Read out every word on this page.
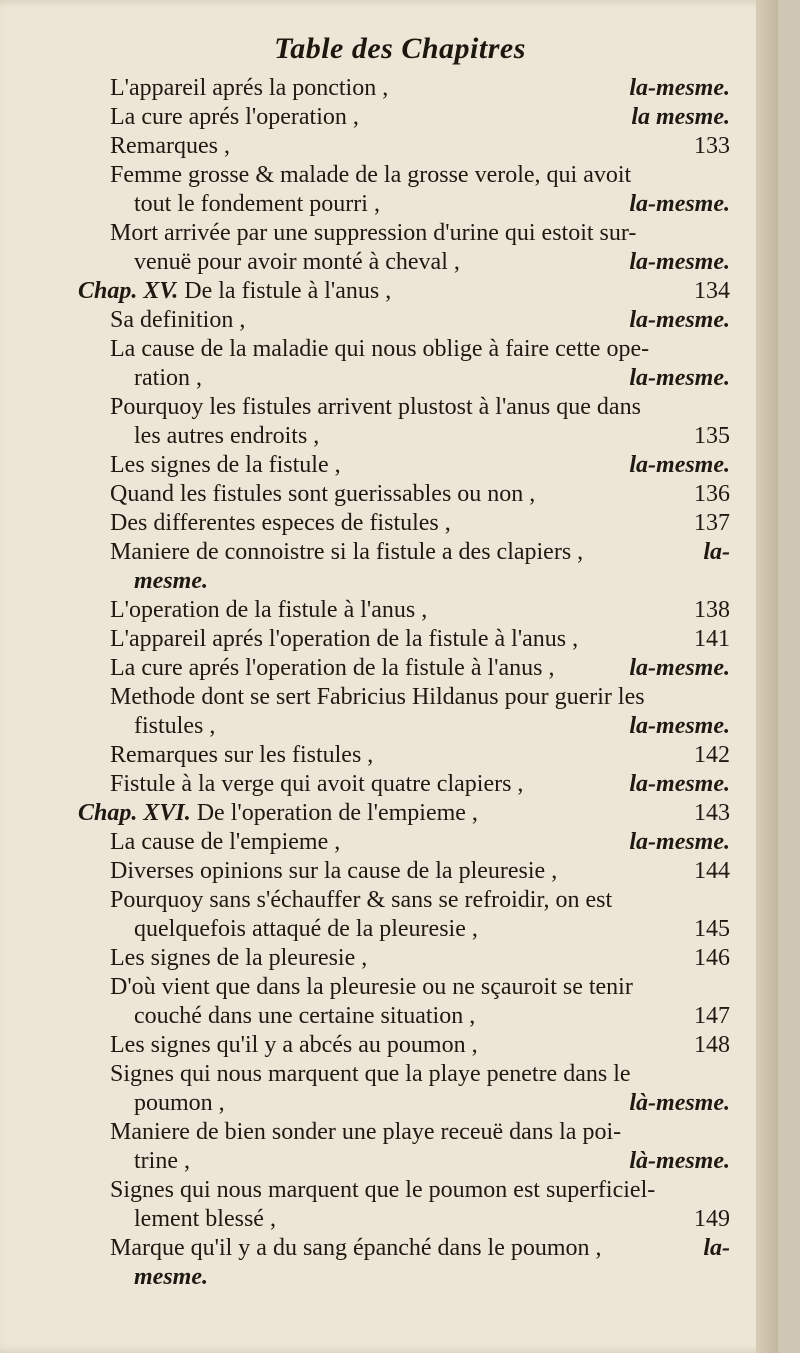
Table des Chapitres
L'appareil aprés la ponction ,	la-mesme.
La cure aprés l'operation ,	la mesme.
Remarques ,	133
Femme grosse & malade de la grosse verole, qui avoit
tout le fondement pourri ,	la-mesme.
Mort arrivée par une suppression d'urine qui estoit sur-
venuë pour avoir monté à cheval ,	la-mesme.
Chap. XV. De la fistule à l'anus ,	134
Sa definition ,	la-mesme.
La cause de la maladie qui nous oblige à faire cette ope-
ration ,	la-mesme.
Pourquoy les fistules arrivent plustost à l'anus que dans
les autres endroits ,	135
Les signes de la fistule ,	la-mesme.
Quand les fistules sont guerissables ou non ,	136
Des differentes especes de fistules ,	137
Maniere de connoistre si la fistule a des clapiers ,	la-
mesme.
L'operation de la fistule à l'anus ,	138
L'appareil aprés l'operation de la fistule à l'anus ,	141
La cure aprés l'operation de la fistule à l'anus ,	la-mesme.
Methode dont se sert Fabricius Hildanus pour guerir les
fistules ,	la-mesme.
Remarques sur les fistules ,	142
Fistule à la verge qui avoit quatre clapiers ,	la-mesme.
Chap. XVI. De l'operation de l'empieme ,	143
La cause de l'empieme ,	la-mesme.
Diverses opinions sur la cause de la pleuresie ,	144
Pourquoy sans s'échauffer & sans se refroidir, on est
quelquefois attaqué de la pleuresie ,	145
Les signes de la pleuresie ,	146
D'où vient que dans la pleuresie ou ne sçauroit se tenir
couché dans une certaine situation ,	147
Les signes qu'il y a abcés au poumon ,	148
Signes qui nous marquent que la playe penetre dans le
poumon ,	là-mesme.
Maniere de bien sonder une playe receuë dans la poi-
trine ,	là-mesme.
Signes qui nous marquent que le poumon est superficiel-
lement blessé ,	149
Marque qu'il y a du sang épanché dans le poumon ,	la-
mesme.
